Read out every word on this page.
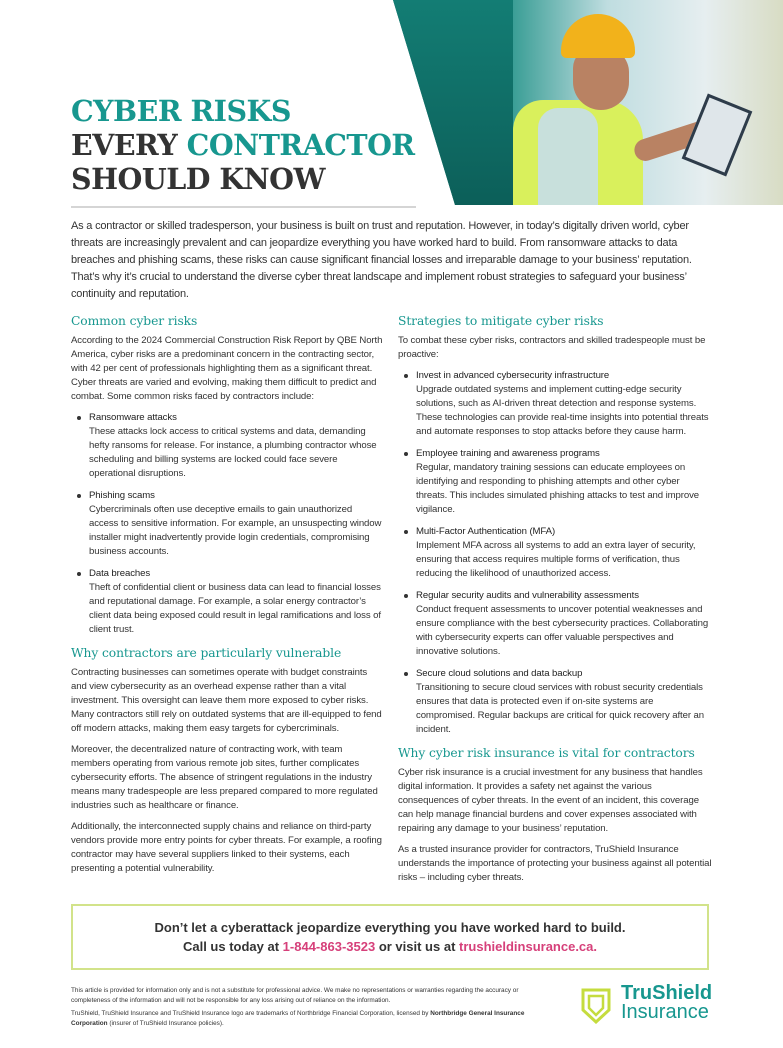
CYBER RISKS
EVERY CONTRACTOR
SHOULD KNOW

As a contractor or skilled tradesperson, your business is built on trust and reputation. However, in today’s digitally driven world, cyber threats are increasingly prevalent and can jeopardize everything you have worked hard to build. From ransomware attacks to data breaches and phishing scams, these risks can cause significant financial losses and irreparable damage to your business’ reputation. That’s why it’s crucial to understand the diverse cyber threat landscape and implement robust strategies to safeguard your business’ continuity and reputation.

Common cyber risks

According to the 2024 Commercial Construction Risk Report by QBE North America, cyber risks are a predominant concern in the contracting sector, with 42 per cent of professionals highlighting them as a significant threat. Cyber threats are varied and evolving, making them difficult to predict and combat. Some common risks faced by contractors include:

Ransomware attacks
These attacks lock access to critical systems and data, demanding hefty ransoms for release. For instance, a plumbing contractor whose scheduling and billing systems are locked could face severe operational disruptions.
Phishing scams
Cybercriminals often use deceptive emails to gain unauthorized access to sensitive information. For example, an unsuspecting window installer might inadvertently provide login credentials, compromising business accounts.
Data breaches
Theft of confidential client or business data can lead to financial losses and reputational damage. For example, a solar energy contractor’s client data being exposed could result in legal ramifications and loss of client trust.
Why contractors are particularly vulnerable

Contracting businesses can sometimes operate with budget constraints and view cybersecurity as an overhead expense rather than a vital investment. This oversight can leave them more exposed to cyber risks. Many contractors still rely on outdated systems that are ill-equipped to fend off modern attacks, making them easy targets for cybercriminals.

Moreover, the decentralized nature of contracting work, with team members operating from various remote job sites, further complicates cybersecurity efforts. The absence of stringent regulations in the industry means many tradespeople are less prepared compared to more regulated industries such as healthcare or finance.

Additionally, the interconnected supply chains and reliance on third-party vendors provide more entry points for cyber threats. For example, a roofing contractor may have several suppliers linked to their systems, each presenting a potential vulnerability.

Strategies to mitigate cyber risks

To combat these cyber risks, contractors and skilled tradespeople must be proactive:

Invest in advanced cybersecurity infrastructure
Upgrade outdated systems and implement cutting-edge security solutions, such as AI-driven threat detection and response systems. These technologies can provide real-time insights into potential threats and automate responses to stop attacks before they cause harm.
Employee training and awareness programs
Regular, mandatory training sessions can educate employees on identifying and responding to phishing attempts and other cyber threats. This includes simulated phishing attacks to test and improve vigilance.
Multi-Factor Authentication (MFA)
Implement MFA across all systems to add an extra layer of security, ensuring that access requires multiple forms of verification, thus reducing the likelihood of unauthorized access.
Regular security audits and vulnerability assessments
Conduct frequent assessments to uncover potential weaknesses and ensure compliance with the best cybersecurity practices. Collaborating with cybersecurity experts can offer valuable perspectives and innovative solutions.
Secure cloud solutions and data backup
Transitioning to secure cloud services with robust security credentials ensures that data is protected even if on-site systems are compromised. Regular backups are critical for quick recovery after an incident.
Why cyber risk insurance is vital for contractors

Cyber risk insurance is a crucial investment for any business that handles digital information. It provides a safety net against the various consequences of cyber threats. In the event of an incident, this coverage can help manage financial burdens and cover expenses associated with repairing any damage to your business’ reputation.

As a trusted insurance provider for contractors, TruShield Insurance understands the importance of protecting your business against all potential risks – including cyber threats.

Don’t let a cyberattack jeopardize everything you have worked hard to build.
Call us today at 1-844-863-3523 or visit us at trushieldinsurance.ca.

This article is provided for information only and is not a substitute for professional advice. We make no representations or warranties regarding the accuracy or completeness of the information and will not be responsible for any loss arising out of reliance on the information.

TruShield, TruShield Insurance and TruShield Insurance logo are trademarks of Northbridge Financial Corporation, licensed by Northbridge General Insurance Corporation (insurer of TruShield Insurance policies).

TruShield
Insurance
